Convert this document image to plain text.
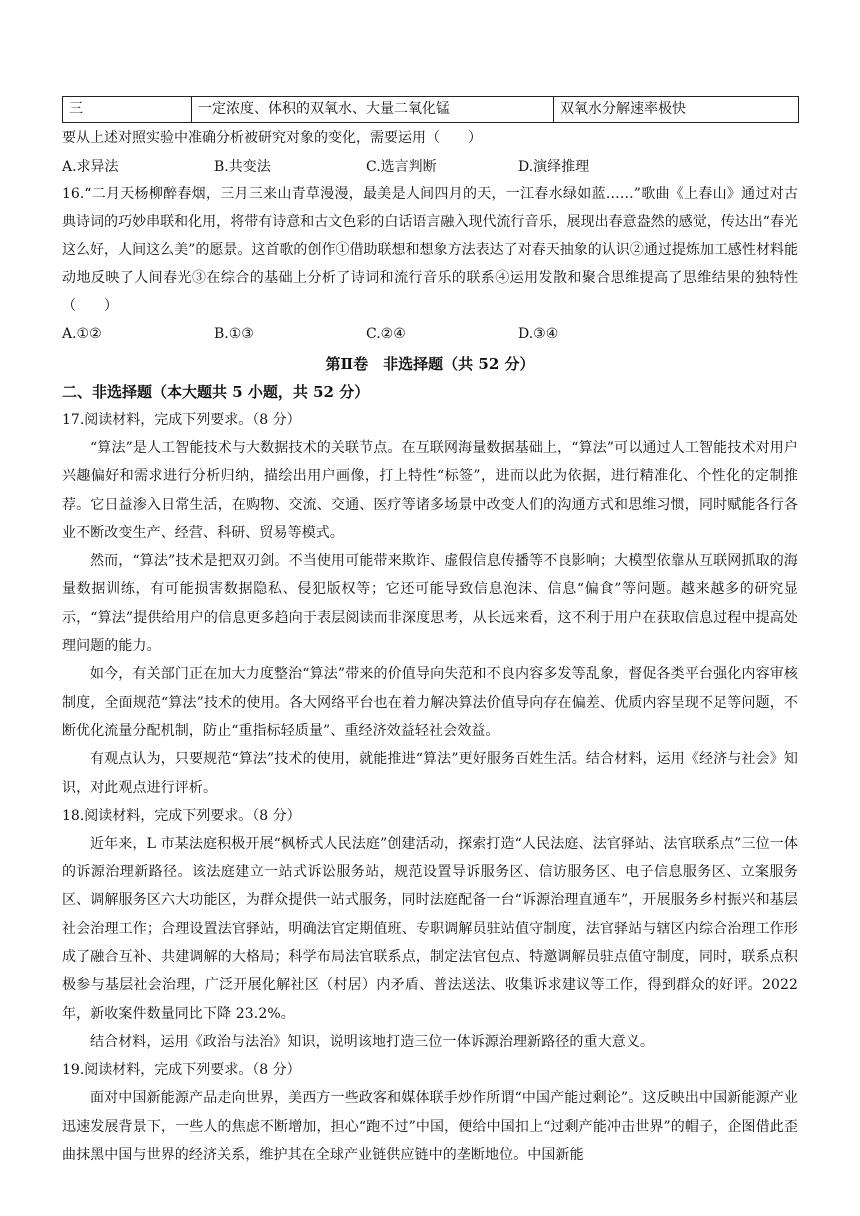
三	一定浓度、体积的双氧水、大量二氧化锰	双氧水分解速率极快
要从上述对照实验中准确分析被研究对象的变化，需要运用（　　）
A.求异法	B.共变法	C.选言判断	D.演绎推理
16.“二月天杨柳醉春烟，三月三来山青草漫漫，最美是人间四月的天，一江春水绿如蓝……”歌曲《上春山》通过对古典诗词的巧妙串联和化用，将带有诗意和古文色彩的白话语言融入现代流行音乐，展现出春意盎然的感觉，传达出“春光这么好，人间这么美”的愿景。这首歌的创作①借助联想和想象方法表达了对春天抽象的认识②通过提炼加工感性材料能动地反映了人间春光③在综合的基础上分析了诗词和流行音乐的联系④运用发散和聚合思维提高了思维结果的独特性（　　）
A.①②	B.①③	C.②④	D.③④
第Ⅱ卷　非选择题（共 52 分）
二、非选择题（本大题共 5 小题，共 52 分）
17.阅读材料，完成下列要求。（8 分）
“算法”是人工智能技术与大数据技术的关联节点。在互联网海量数据基础上，“算法”可以通过人工智能技术对用户兴趣偏好和需求进行分析归纳，描绘出用户画像，打上特性“标签”，进而以此为依据，进行精准化、个性化的定制推荐。它日益渗入日常生活，在购物、交流、交通、医疗等诸多场景中改变人们的沟通方式和思维习惯，同时赋能各行各业不断改变生产、经营、科研、贸易等模式。
然而，“算法”技术是把双刃剑。不当使用可能带来欺诈、虚假信息传播等不良影响；大模型依靠从互联网抓取的海量数据训练，有可能损害数据隐私、侵犯版权等；它还可能导致信息泡沫、信息“偏食”等问题。越来越多的研究显示，“算法”提供给用户的信息更多趋向于表层阅读而非深度思考，从长远来看，这不利于用户在获取信息过程中提高处理问题的能力。
如今，有关部门正在加大力度整治“算法”带来的价值导向失范和不良内容多发等乱象，督促各类平台强化内容审核制度，全面规范“算法”技术的使用。各大网络平台也在着力解决算法价值导向存在偏差、优质内容呈现不足等问题，不断优化流量分配机制，防止“重指标轻质量”、重经济效益轻社会效益。
有观点认为，只要规范“算法”技术的使用，就能推进“算法”更好服务百姓生活。结合材料，运用《经济与社会》知识，对此观点进行评析。
18.阅读材料，完成下列要求。（8 分）
近年来，L 市某法庭积极开展“枫桥式人民法庭”创建活动，探索打造“人民法庭、法官驿站、法官联系点”三位一体的诉源治理新路径。该法庭建立一站式诉讼服务站，规范设置导诉服务区、信访服务区、电子信息服务区、立案服务区、调解服务区六大功能区，为群众提供一站式服务，同时法庭配备一台“诉源治理直通车”，开展服务乡村振兴和基层社会治理工作；合理设置法官驿站，明确法官定期值班、专职调解员驻站值守制度，法官驿站与辖区内综合治理工作形成了融合互补、共建调解的大格局；科学布局法官联系点，制定法官包点、特邀调解员驻点值守制度，同时，联系点积极参与基层社会治理，广泛开展化解社区（村居）内矛盾、普法送法、收集诉求建议等工作，得到群众的好评。2022 年，新收案件数量同比下降 23.2%。
结合材料，运用《政治与法治》知识，说明该地打造三位一体诉源治理新路径的重大意义。
19.阅读材料，完成下列要求。（8 分）
面对中国新能源产品走向世界，美西方一些政客和媒体联手炒作所谓“中国产能过剩论”。这反映出中国新能源产业迅速发展背景下，一些人的焦虑不断增加，担心“跑不过”中国，便给中国扣上“过剩产能冲击世界”的帽子，企图借此歪曲抹黑中国与世界的经济关系，维护其在全球产业链供应链中的垄断地位。中国新能
